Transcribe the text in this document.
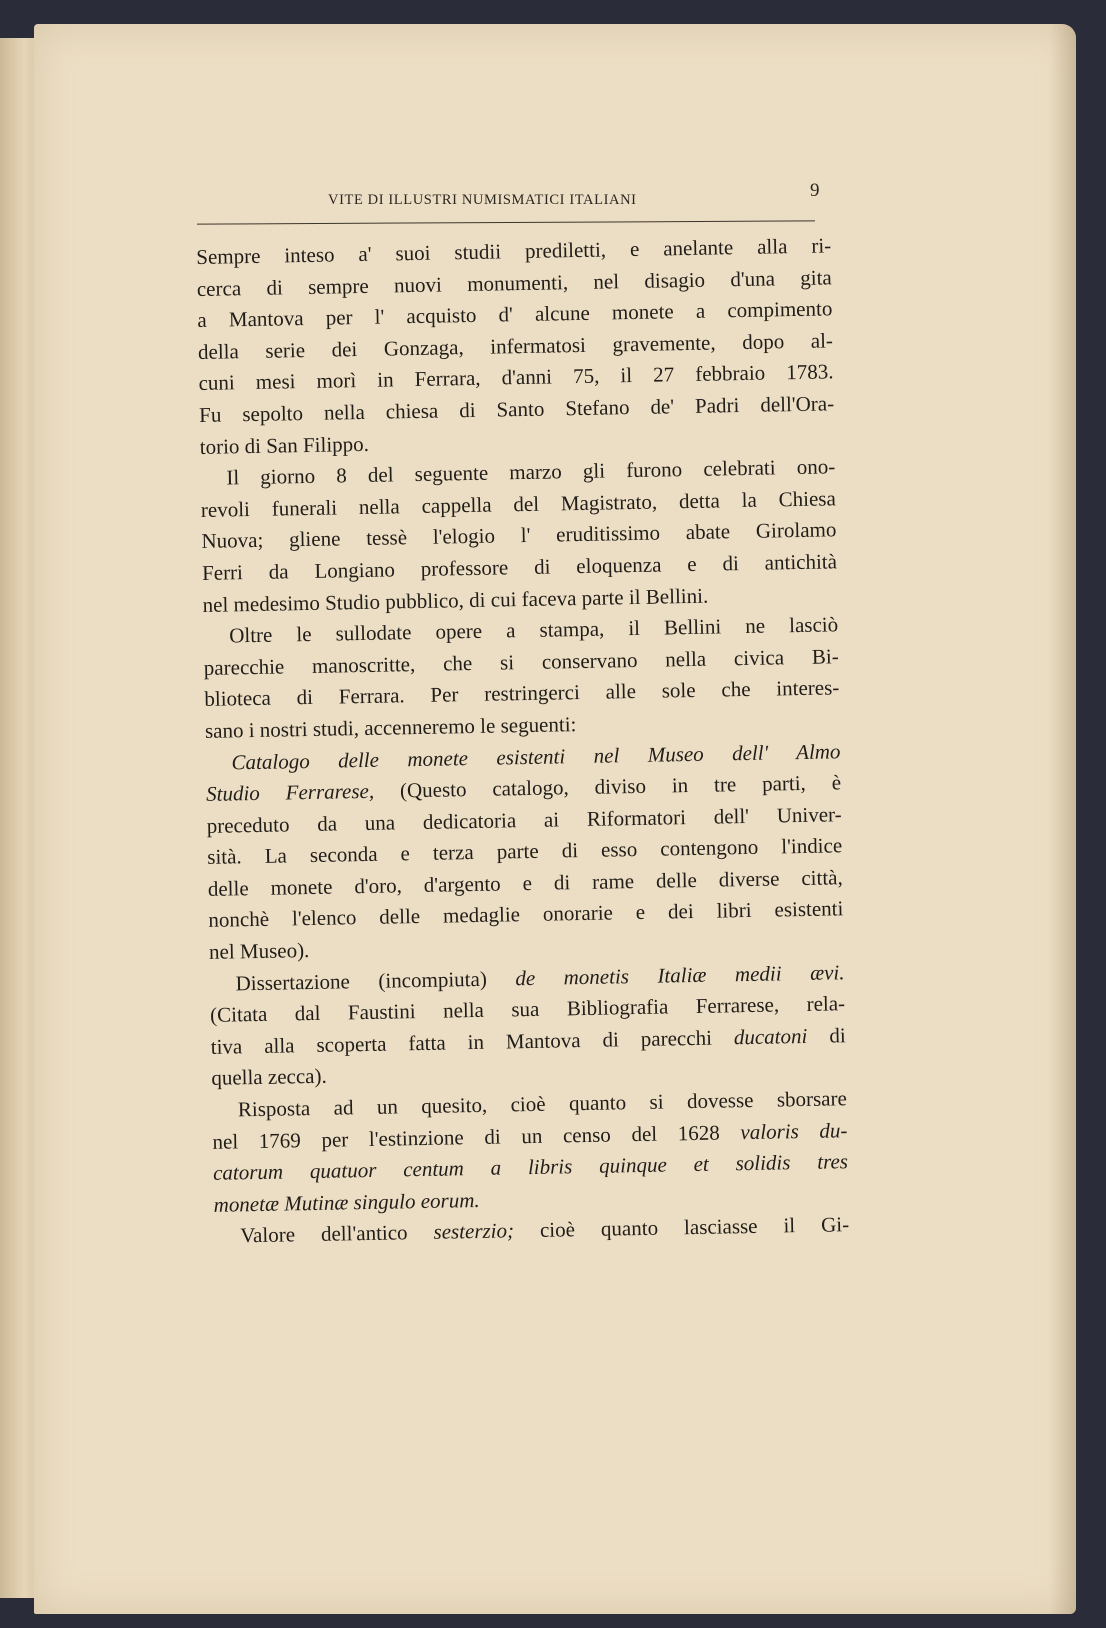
VITE DI ILLUSTRI NUMISMATICI ITALIANI	9

Sempre inteso a' suoi studii prediletti, e anelante alla ri-
cerca di sempre nuovi monumenti, nel disagio d'una gita
a Mantova per l' acquisto d' alcune monete a compimento
della serie dei Gonzaga, infermatosi gravemente, dopo al-
cuni mesi morì in Ferrara, d'anni 75, il 27 febbraio 1783.
Fu sepolto nella chiesa di Santo Stefano de' Padri dell'Ora-
torio di San Filippo.

Il giorno 8 del seguente marzo gli furono celebrati ono-
revoli funerali nella cappella del Magistrato, detta la Chiesa
Nuova; gliene tessè l'elogio l' eruditissimo abate Girolamo
Ferri da Longiano professore di eloquenza e di antichità
nel medesimo Studio pubblico, di cui faceva parte il Bellini.

Oltre le sullodate opere a stampa, il Bellini ne lasciò
parecchie manoscritte, che si conservano nella civica Bi-
blioteca di Ferrara. Per restringerci alle sole che interes-
sano i nostri studi, accenneremo le seguenti:

Catalogo delle monete esistenti nel Museo dell' Almo
Studio Ferrarese, (Questo catalogo, diviso in tre parti, è
preceduto da una dedicatoria ai Riformatori dell' Univer-
sità. La seconda e terza parte di esso contengono l'indice
delle monete d'oro, d'argento e di rame delle diverse città,
nonchè l'elenco delle medaglie onorarie e dei libri esistenti
nel Museo).

Dissertazione (incompiuta) de monetis Italiæ medii ævi.
(Citata dal Faustini nella sua Bibliografia Ferrarese, rela-
tiva alla scoperta fatta in Mantova di parecchi ducatoni di
quella zecca).

Risposta ad un quesito, cioè quanto si dovesse sborsare
nel 1769 per l'estinzione di un censo del 1628 valoris du-
catorum quatuor centum a libris quinque et solidis tres
monetæ Mutinæ singulo eorum.

Valore dell'antico sesterzio; cioè quanto lasciasse il Gi-
